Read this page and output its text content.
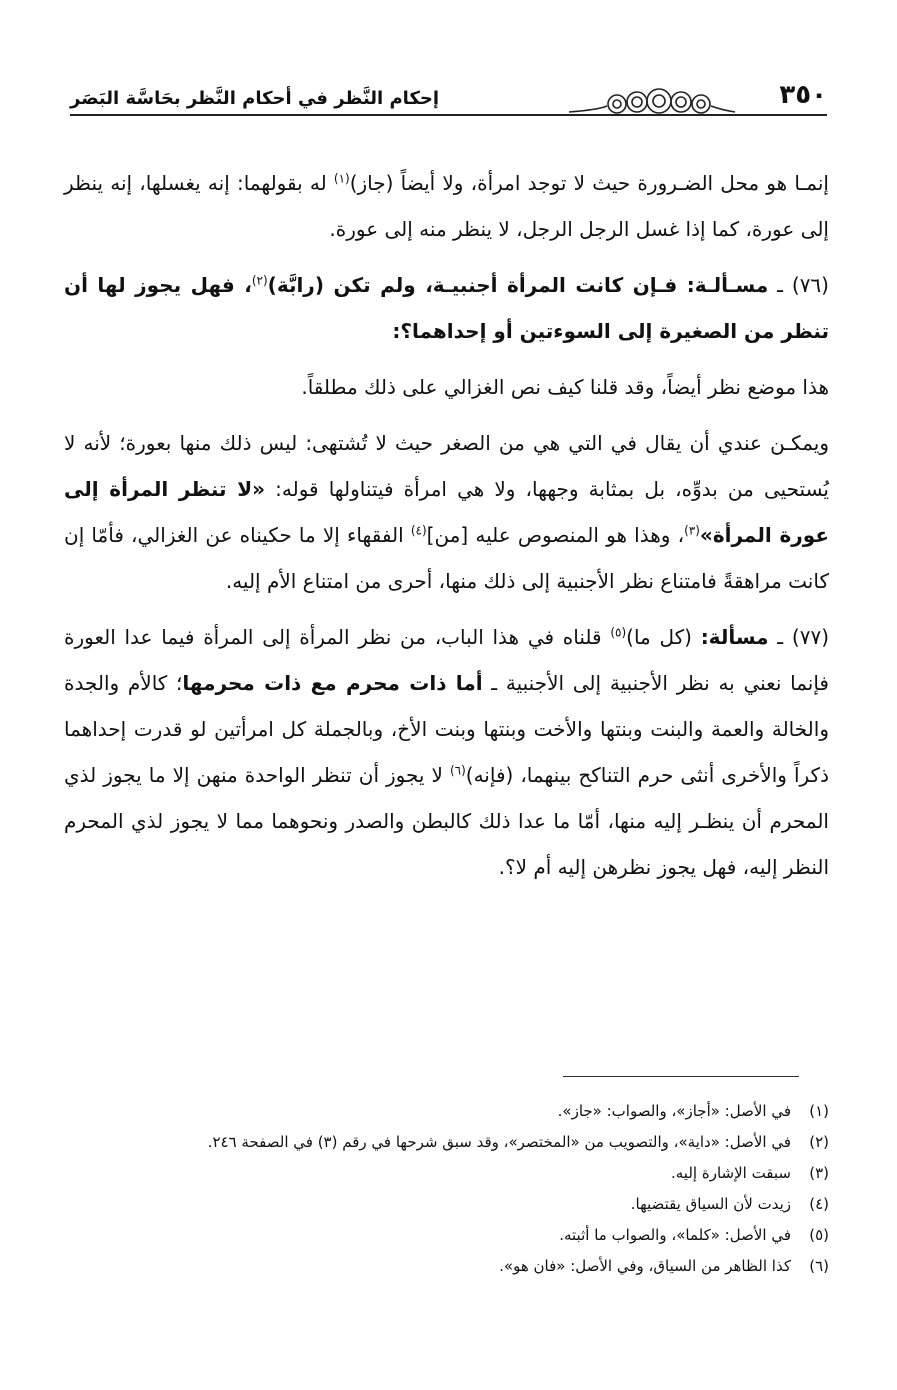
إحكام النَّظر في أحكام النَّظر بحَاسَّة البَصَر	٣٥٠

إنمـا هو محل الضـرورة حيث لا توجد امرأة، ولا أيضاً (جاز)$^{(١)}$ له بقولهما: إنه يغسلها، إنه ينظر إلى عورة، كما إذا غسل الرجل الرجل، لا ينظر منه إلى عورة.

(٧٦) ـ مسـألـة: فـإن كانت المرأة أجنبيـة، ولم تكن (رابَّة)$^{(٢)}$، فهل يجوز لها أن تنظر من الصغيرة إلى السوءتين أو إحداهما؟:

هذا موضع نظر أيضاً، وقد قلنا كيف نص الغزالي على ذلك مطلقاً.

ويمكـن عندي أن يقال في التي هي من الصغر حيث لا تُشتهى: ليس ذلك منها بعورة؛ لأنه لا يُستحيى من بدوِّه، بل بمثابة وجهها، ولا هي امرأة فيتناولها قوله: «لا تنظر المرأة إلى عورة المرأة»$^{(٣)}$، وهذا هو المنصوص عليه [من]$^{(٤)}$ الفقهاء إلا ما حكيناه عن الغزالي، فأمّا إن كانت مراهقةً فامتناع نظر الأجنبية إلى ذلك منها، أحرى من امتناع الأم إليه.

(٧٧) ـ مسألة: (كل ما)$^{(٥)}$ قلناه في هذا الباب، من نظر المرأة إلى المرأة فيما عدا العورة فإنما نعني به نظر الأجنبية إلى الأجنبية ـ أما ذات محرم مع ذات محرمها؛ كالأم والجدة والخالة والعمة والبنت وبنتها والأخت وبنتها وبنت الأخ، وبالجملة كل امرأتين لو قدرت إحداهما ذكراً والأخرى أنثى حرم التناكح بينهما، (فإنه)$^{(٦)}$ لا يجوز أن تنظر الواحدة منهن إلا ما يجوز لذي المحرم أن ينظـر إليه منها، أمّا ما عدا ذلك كالبطن والصدر ونحوهما مما لا يجوز لذي المحرم النظر إليه، فهل يجوز نظرهن إليه أم لا؟.

(١)في الأصل: «أجاز»، والصواب: «جاز».
(٢)في الأصل: «داية»، والتصويب من «المختصر»، وقد سبق شرحها في رقم (٣) في الصفحة ٢٤٦.
(٣)سبقت الإشارة إليه.
(٤)زيدت لأن السياق يقتضيها.
(٥)في الأصل: «كلما»، والصواب ما أثبته.
(٦)كذا الظاهر من السياق، وفي الأصل: «فان هو».
